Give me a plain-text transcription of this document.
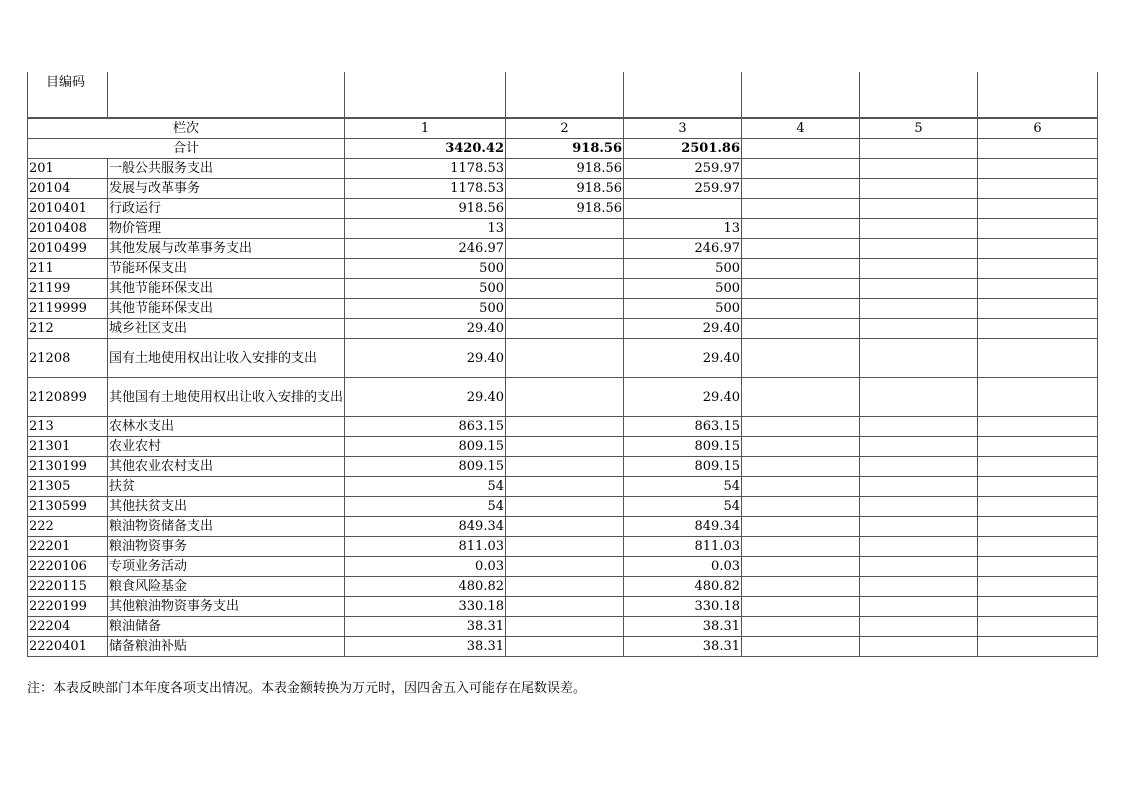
目编码							
栏次		1	2	3	4	5	6
合计		3420.42	918.56	2501.86			
201	一般公共服务支出	1178.53	918.56	259.97			
20104	发展与改革事务	1178.53	918.56	259.97			
2010401	行政运行	918.56	918.56				
2010408	物价管理	13		13			
2010499	其他发展与改革事务支出	246.97		246.97			
211	节能环保支出	500		500			
21199	其他节能环保支出	500		500			
2119999	其他节能环保支出	500		500			
212	城乡社区支出	29.40		29.40			
21208	国有土地使用权出让收入安排的支出	29.40		29.40			
2120899	其他国有土地使用权出让收入安排的支出	29.40		29.40			
213	农林水支出	863.15		863.15			
21301	农业农村	809.15		809.15			
2130199	其他农业农村支出	809.15		809.15			
21305	扶贫	54		54			
2130599	其他扶贫支出	54		54			
222	粮油物资储备支出	849.34		849.34			
22201	粮油物资事务	811.03		811.03			
2220106	专项业务活动	0.03		0.03			
2220115	粮食风险基金	480.82		480.82			
2220199	其他粮油物资事务支出	330.18		330.18			
22204	粮油储备	38.31		38.31			
2220401	储备粮油补贴	38.31		38.31			
注：本表反映部门本年度各项支出情况。本表金额转换为万元时，因四舍五入可能存在尾数误差。
